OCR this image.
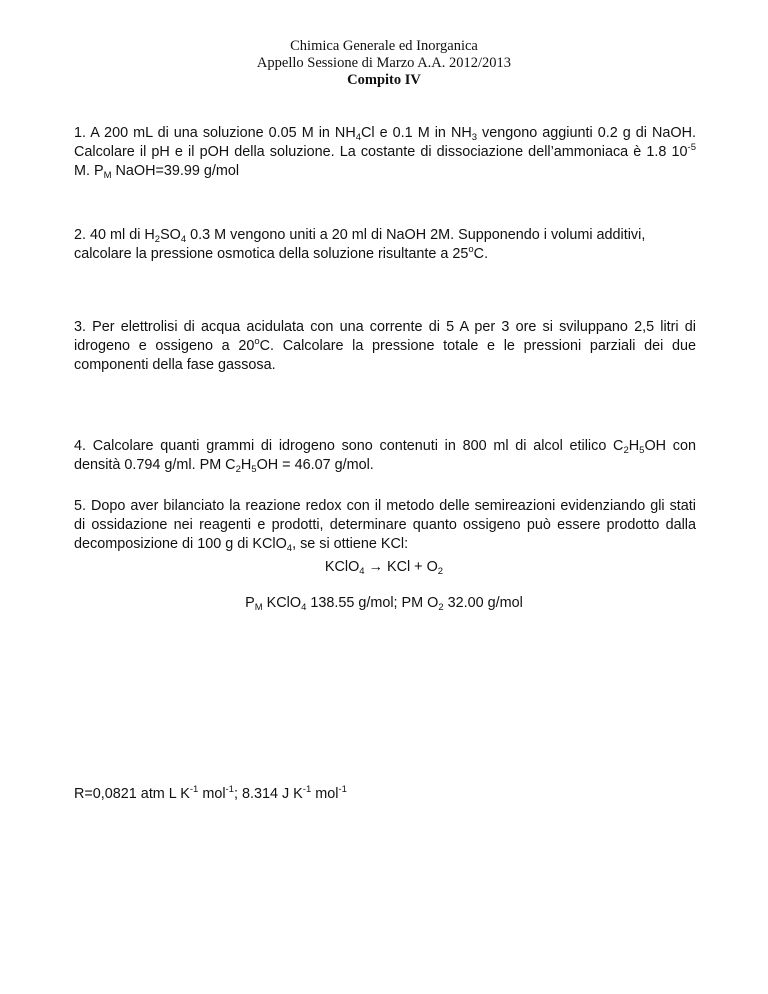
Chimica Generale ed Inorganica
Appello Sessione di Marzo A.A. 2012/2013
Compito IV
1. A 200 mL di una soluzione 0.05 M in $NH_4Cl$ e 0.1 M in $NH_3$ vengono aggiunti 0.2 g di NaOH. Calcolare il pH e il pOH della soluzione. La costante di dissociazione dell’ammoniaca è 1.8 $10^{-5}$ M. $P_M$ NaOH=39.99 g/mol
2. 40 ml di $H_2SO_4$ 0.3 M vengono uniti a 20 ml di NaOH 2M. Supponendo i volumi additivi,
calcolare la pressione osmotica della soluzione risultante a 25$^o$C.
3. Per elettrolisi di acqua acidulata con una corrente di 5 A per 3 ore si sviluppano 2,5 litri di idrogeno e ossigeno a 20$^o$C. Calcolare la pressione totale e le pressioni parziali dei due componenti della fase gassosa.
4. Calcolare quanti grammi di idrogeno sono contenuti in 800 ml di alcol etilico $C_2H_5OH$ con densità 0.794 g/ml. PM $C_2H_5OH = 46.07$ g/mol.
5. Dopo aver bilanciato la reazione redox con il metodo delle semireazioni evidenziando gli stati di ossidazione nei reagenti e prodotti, determinare quanto ossigeno può essere prodotto dalla decomposizione di 100 g di KClO$_4$, se si ottiene KCl:
KClO$_4$ → KCl + $O_2$
$P_M$ KClO$_4$ 138.55 g/mol; PM $O_2$ 32.00 g/mol
R=0,0821 atm L $K^{-1}$ mol$^{-1}$; 8.314 J $K^{-1}$ mol$^{-1}$
